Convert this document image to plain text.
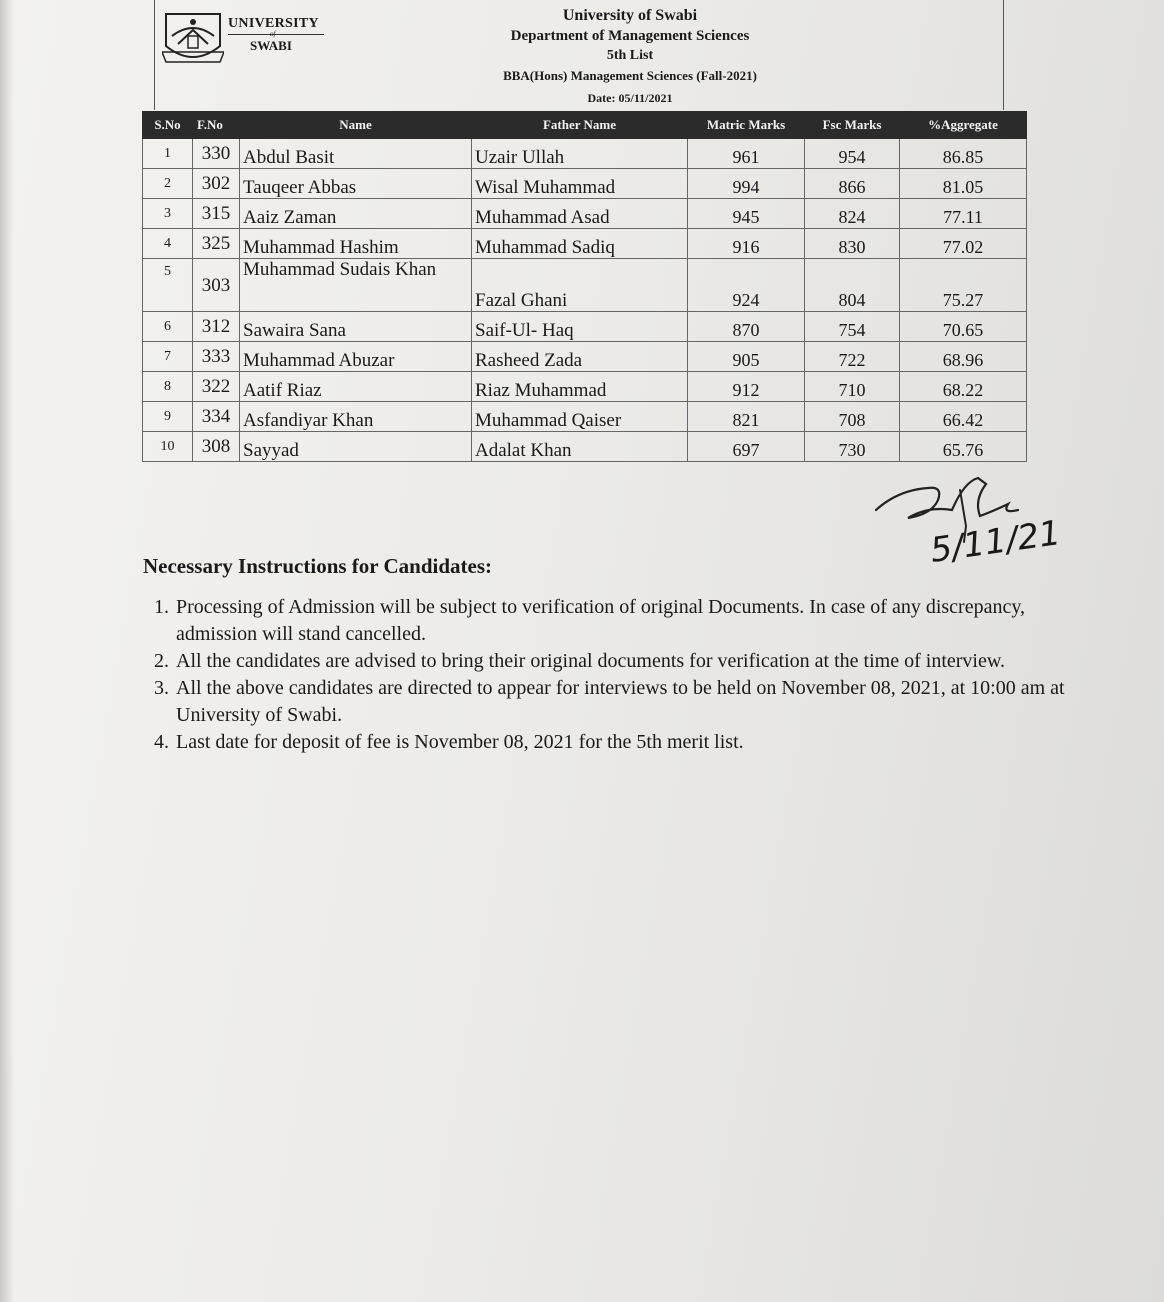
UNIVERSITY
of
SWABI
University of Swabi
Department of Management Sciences
5th List
BBA(Hons) Management Sciences (Fall-2021)
Date: 05/11/2021
S.No	F.No	Name	Father Name	Matric Marks	Fsc Marks	%Aggregate
1	330	Abdul Basit	Uzair Ullah	961	954	86.85
2	302	Tauqeer Abbas	Wisal Muhammad	994	866	81.05
3	315	Aaiz Zaman	Muhammad Asad	945	824	77.11
4	325	Muhammad Hashim	Muhammad Sadiq	916	830	77.02
5	303	Muhammad Sudais Khan	Fazal Ghani	924	804	75.27
6	312	Sawaira Sana	Saif-Ul- Haq	870	754	70.65
7	333	Muhammad Abuzar	Rasheed Zada	905	722	68.96
8	322	Aatif Riaz	Riaz Muhammad	912	710	68.22
9	334	Asfandiyar Khan	Muhammad Qaiser	821	708	66.42
10	308	Sayyad	Adalat Khan	697	730	65.76
5/11/21
Necessary Instructions for Candidates:
1. Processing of Admission will be subject to verification of original Documents. In case of any discrepancy, admission will stand cancelled.
2. All the candidates are advised to bring their original documents for verification at the time of interview.
3. All the above candidates are directed to appear for interviews to be held on November 08, 2021, at 10:00 am at University of Swabi.
4. Last date for deposit of fee is November 08, 2021 for the 5th merit list.
